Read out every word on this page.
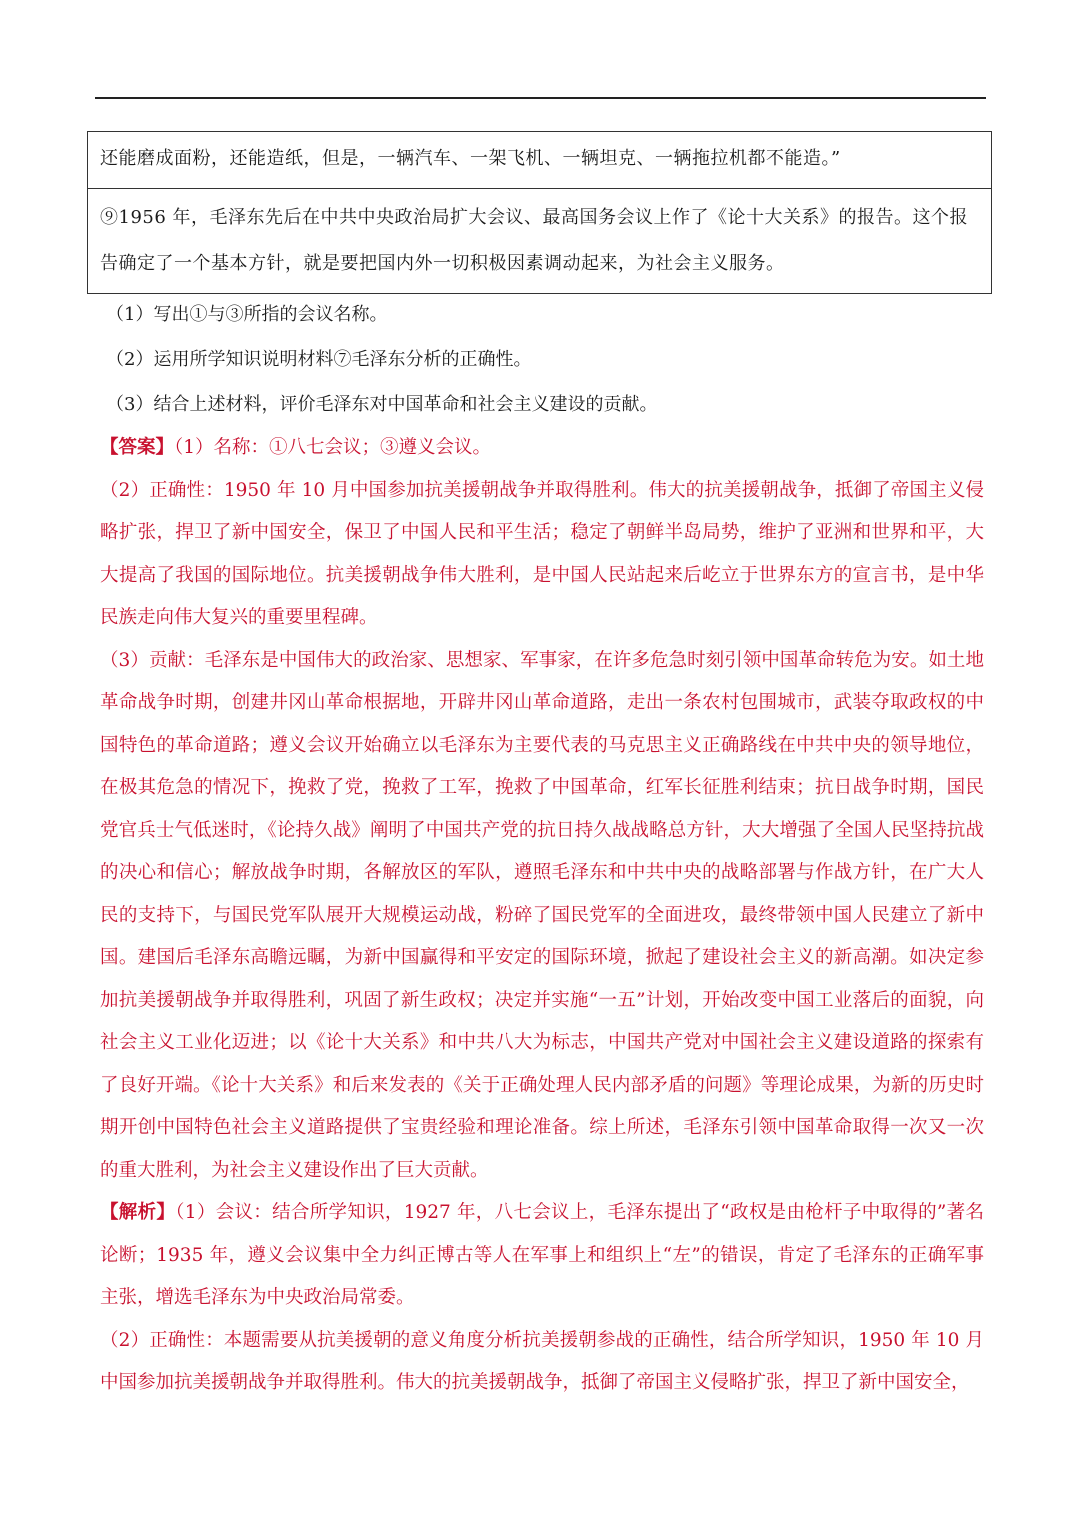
还能磨成面粉，还能造纸，但是，一辆汽车、一架飞机、一辆坦克、一辆拖拉机都不能造。”
⑨1956 年，毛泽东先后在中共中央政治局扩大会议、最高国务会议上作了《论十大关系》的报告。这个报告确定了一个基本方针，就是要把国内外一切积极因素调动起来，为社会主义服务。
（1）写出①与③所指的会议名称。
（2）运用所学知识说明材料⑦毛泽东分析的正确性。
（3）结合上述材料，评价毛泽东对中国革命和社会主义建设的贡献。

【答案】（1）名称：①八七会议；③遵义会议。

（2）正确性：1950 年 10 月中国参加抗美援朝战争并取得胜利。伟大的抗美援朝战争，抵御了帝国主义侵略扩张，捍卫了新中国安全，保卫了中国人民和平生活；稳定了朝鲜半岛局势，维护了亚洲和世界和平，大大提高了我国的国际地位。抗美援朝战争伟大胜利，是中国人民站起来后屹立于世界东方的宣言书，是中华民族走向伟大复兴的重要里程碑。

（3）贡献：毛泽东是中国伟大的政治家、思想家、军事家，在许多危急时刻引领中国革命转危为安。如土地革命战争时期，创建井冈山革命根据地，开辟井冈山革命道路，走出一条农村包围城市，武装夺取政权的中国特色的革命道路；遵义会议开始确立以毛泽东为主要代表的马克思主义正确路线在中共中央的领导地位，在极其危急的情况下，挽救了党，挽救了工军，挽救了中国革命，红军长征胜利结束；抗日战争时期，国民党官兵士气低迷时，《论持久战》阐明了中国共产党的抗日持久战战略总方针，大大增强了全国人民坚持抗战的决心和信心；解放战争时期，各解放区的军队，遵照毛泽东和中共中央的战略部署与作战方针，在广大人民的支持下，与国民党军队展开大规模运动战，粉碎了国民党军的全面进攻，最终带领中国人民建立了新中国。建国后毛泽东高瞻远瞩，为新中国赢得和平安定的国际环境，掀起了建设社会主义的新高潮。如决定参加抗美援朝战争并取得胜利，巩固了新生政权；决定并实施“一五”计划，开始改变中国工业落后的面貌，向社会主义工业化迈进；以《论十大关系》和中共八大为标志，中国共产党对中国社会主义建设道路的探索有了良好开端。《论十大关系》和后来发表的《关于正确处理人民内部矛盾的问题》等理论成果，为新的历史时期开创中国特色社会主义道路提供了宝贵经验和理论准备。综上所述，毛泽东引领中国革命取得一次又一次的重大胜利，为社会主义建设作出了巨大贡献。

【解析】（1）会议：结合所学知识，1927 年，八七会议上，毛泽东提出了“政权是由枪杆子中取得的”著名论断；1935 年，遵义会议集中全力纠正博古等人在军事上和组织上“左”的错误，肯定了毛泽东的正确军事主张，增选毛泽东为中央政治局常委。

（2）正确性：本题需要从抗美援朝的意义角度分析抗美援朝参战的正确性，结合所学知识，1950 年 10 月中国参加抗美援朝战争并取得胜利。伟大的抗美援朝战争，抵御了帝国主义侵略扩张，捍卫了新中国安全，
